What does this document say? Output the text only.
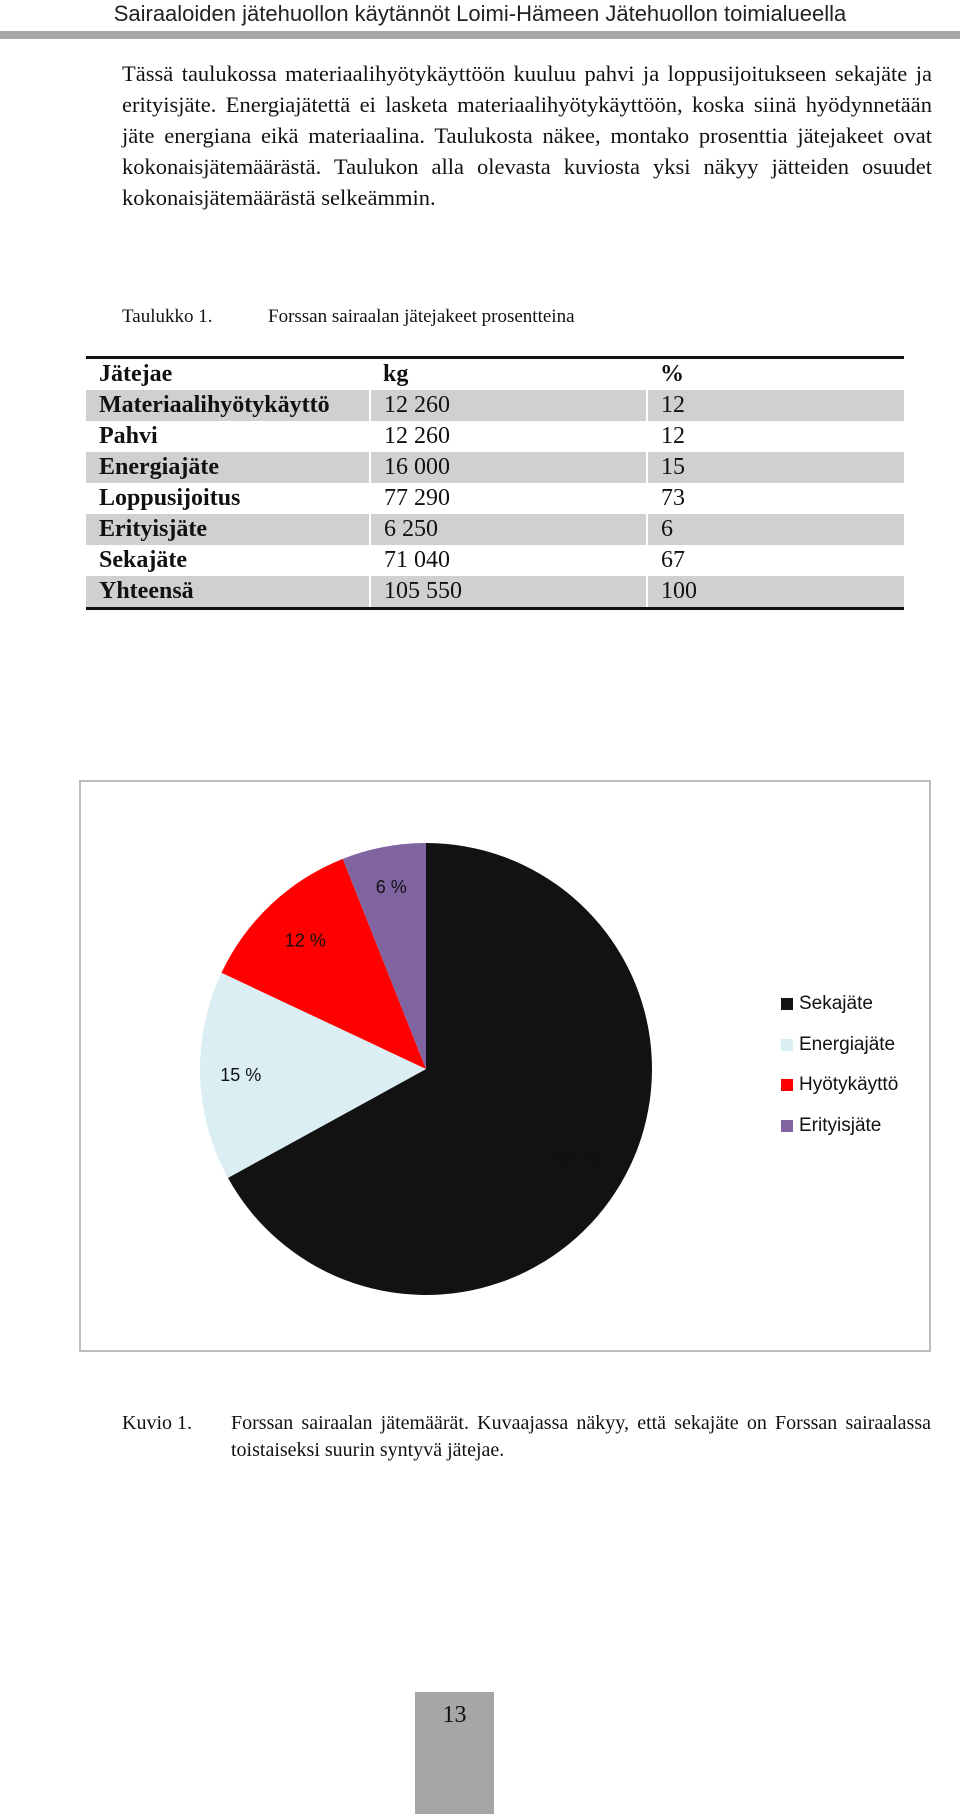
Sairaaloiden jätehuollon käytännöt Loimi-Hämeen Jätehuollon toimialueella

Tässä taulukossa materiaalihyötykäyttöön kuuluu pahvi ja loppusijoitukseen sekajäte ja erityisjäte. Energiajätettä ei lasketa materiaalihyötykäyttöön, koska siinä hyödynnetään jäte energiana eikä materiaalina. Taulukosta näkee, montako prosenttia jätejakeet ovat kokonaisjätemäärästä. Taulukon alla olevasta kuviosta yksi näkyy jätteiden osuudet kokonaisjätemäärästä selkeämmin.

Taulukko 1.	Forssan sairaalan jätejakeet prosentteina
Jätejae	kg	%
Materiaalihyötykäyttö	12 260	12
Pahvi	12 260	12
Energiajäte	16 000	15
Loppusijoitus	77 290	73
Erityisjäte	6 250	6
Sekajäte	71 040	67
Yhteensä	105 550	100
67 %
15 %
12 %
6 %
Sekajäte
Energiajäte
Hyötykäyttö
Erityisjäte
Kuvio 1. Forssan sairaalan jätemäärät. Kuvaajassa näkyy, että sekajäte on Forssan sairaalassa toistaiseksi suurin syntyvä jätejae.
13
